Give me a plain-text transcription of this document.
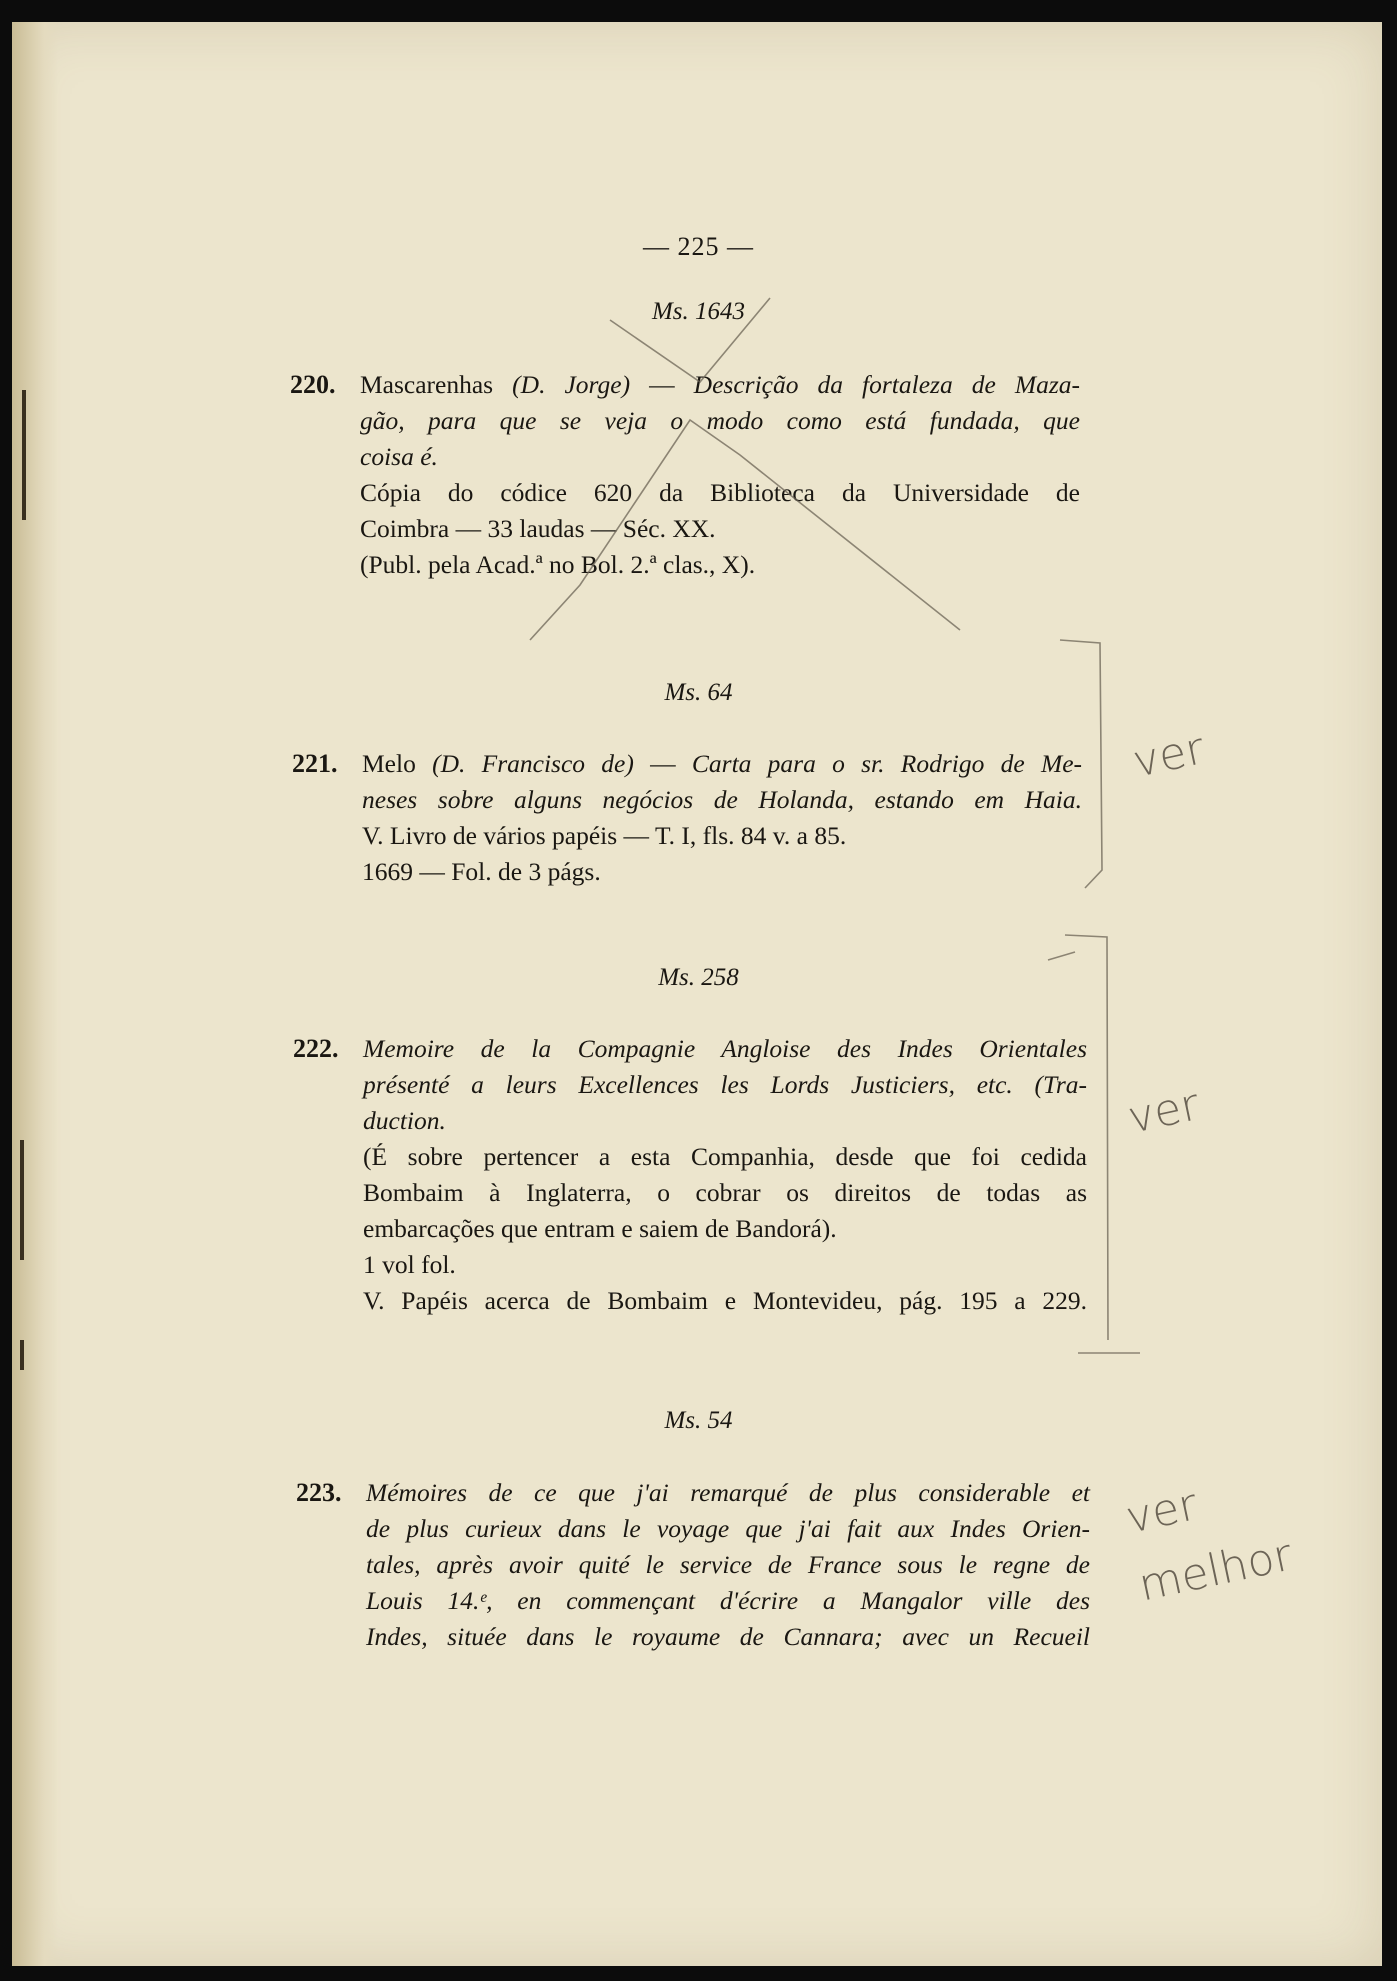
— 225 —
Ms. 1643
220. Mascarenhas (D. Jorge) — Descrição da fortaleza de Maza-
gão, para que se veja o modo como está fundada, que
coisa é.
Cópia do códice 620 da Biblioteca da Universidade de
Coimbra — 33 laudas — Séc. XX.
(Publ. pela Acad.ª no Bol. 2.ª clas., X).
Ms. 64
221. Melo (D. Francisco de) — Carta para o sr. Rodrigo de Me-
neses sobre alguns negócios de Holanda, estando em Haia.
V. Livro de vários papéis — T. I, fls. 84 v. a 85.
1669 — Fol. de 3 págs.
Ms. 258
222. Memoire de la Compagnie Angloise des Indes Orientales
présenté a leurs Excellences les Lords Justiciers, etc. (Tra-
duction.
(É sobre pertencer a esta Companhia, desde que foi cedida
Bombaim à Inglaterra, o cobrar os direitos de todas as
embarcações que entram e saiem de Bandorá).
1 vol fol.
V. Papéis acerca de Bombaim e Montevideu, pág. 195 a 229.
Ms. 54
223. Mémoires de ce que j'ai remarqué de plus considerable et
de plus curieux dans le voyage que j'ai fait aux Indes Orien-
tales, après avoir quité le service de France sous le regne de
Louis 14.ᵉ, en commençant d'écrire a Mangalor ville des
Indes, située dans le royaume de Cannara; avec un Recueil
ver
ver
ver
melhor
